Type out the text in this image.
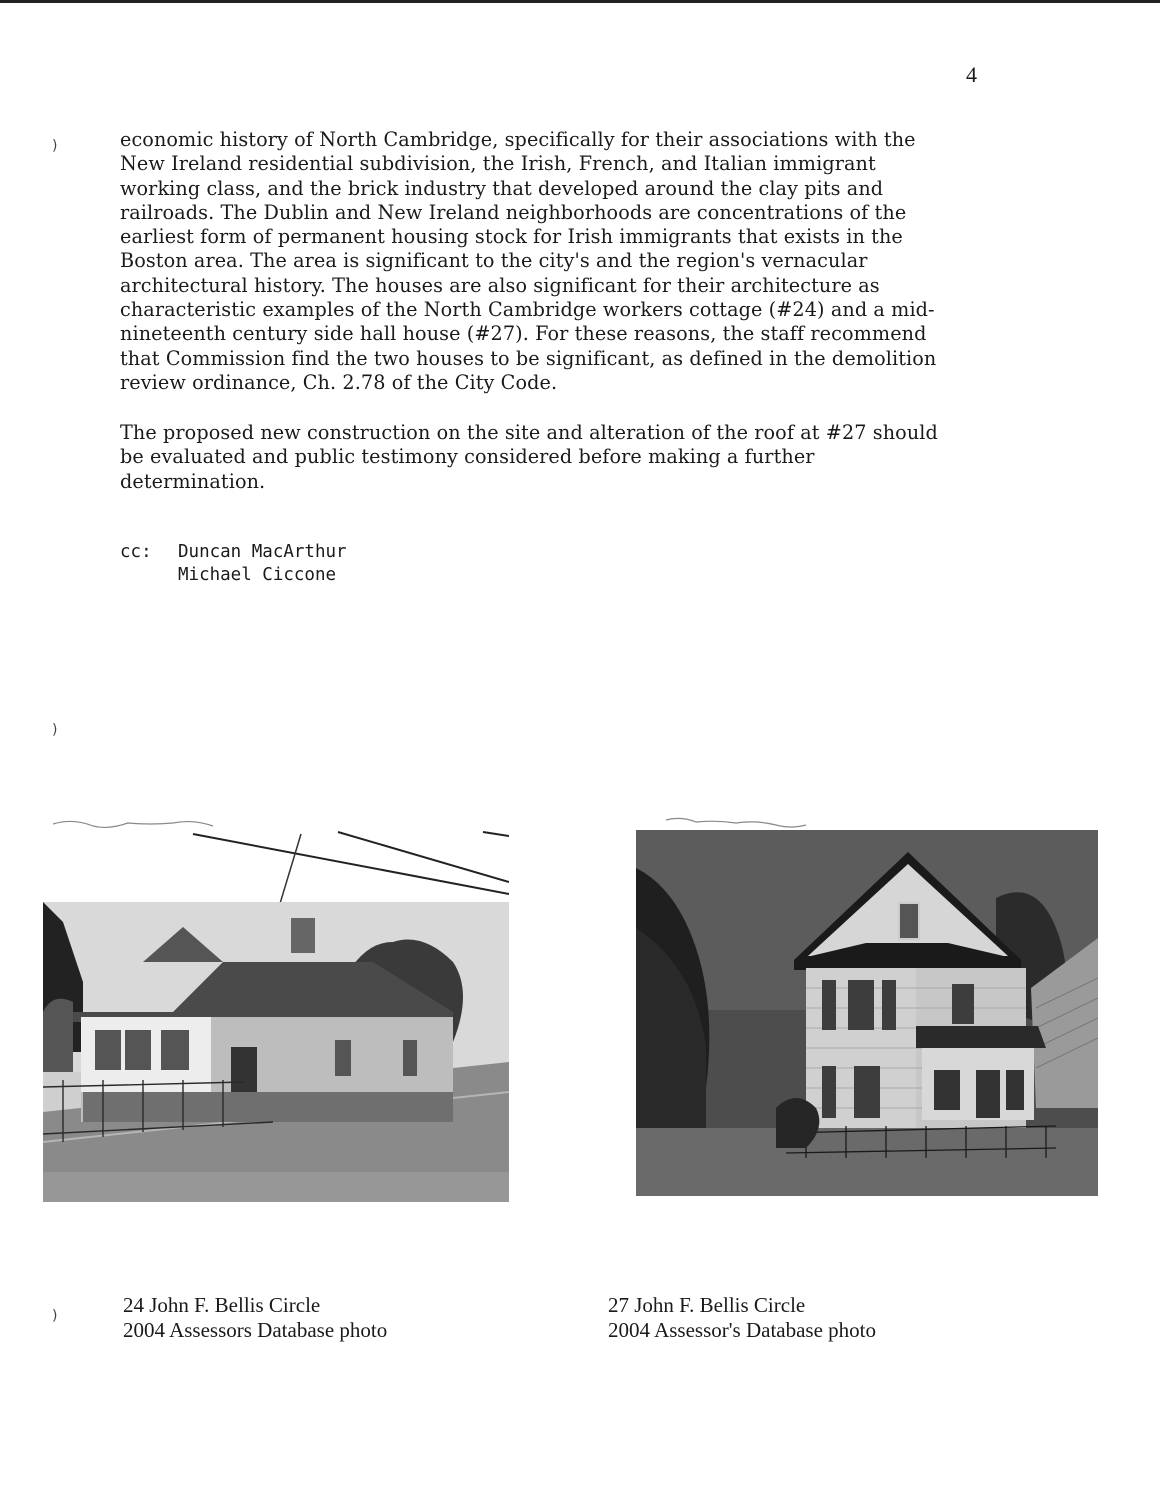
)
)
)
4

economic history of North Cambridge, specifically for their associations with the
New Ireland residential subdivision, the Irish, French, and Italian immigrant
working class, and the brick industry that developed around the clay pits and
railroads. The Dublin and New Ireland neighborhoods are concentrations of the
earliest form of permanent housing stock for Irish immigrants that exists in the
Boston area. The area is significant to the city's and the region's vernacular
architectural history. The houses are also significant for their architecture as
characteristic examples of the North Cambridge workers cottage (#24) and a mid-
nineteenth century side hall house (#27). For these reasons, the staff recommend
that Commission find the two houses to be significant, as defined in the demolition
review ordinance, Ch. 2.78 of the City Code.

The proposed new construction on the site and alteration of the roof at #27 should
be evaluated and public testimony considered before making a further
determination.

cc: Duncan MacArthur
Michael Ciccone
24 John F. Bellis Circle
2004 Assessors Database photo
27 John F. Bellis Circle
2004 Assessor's Database photo
